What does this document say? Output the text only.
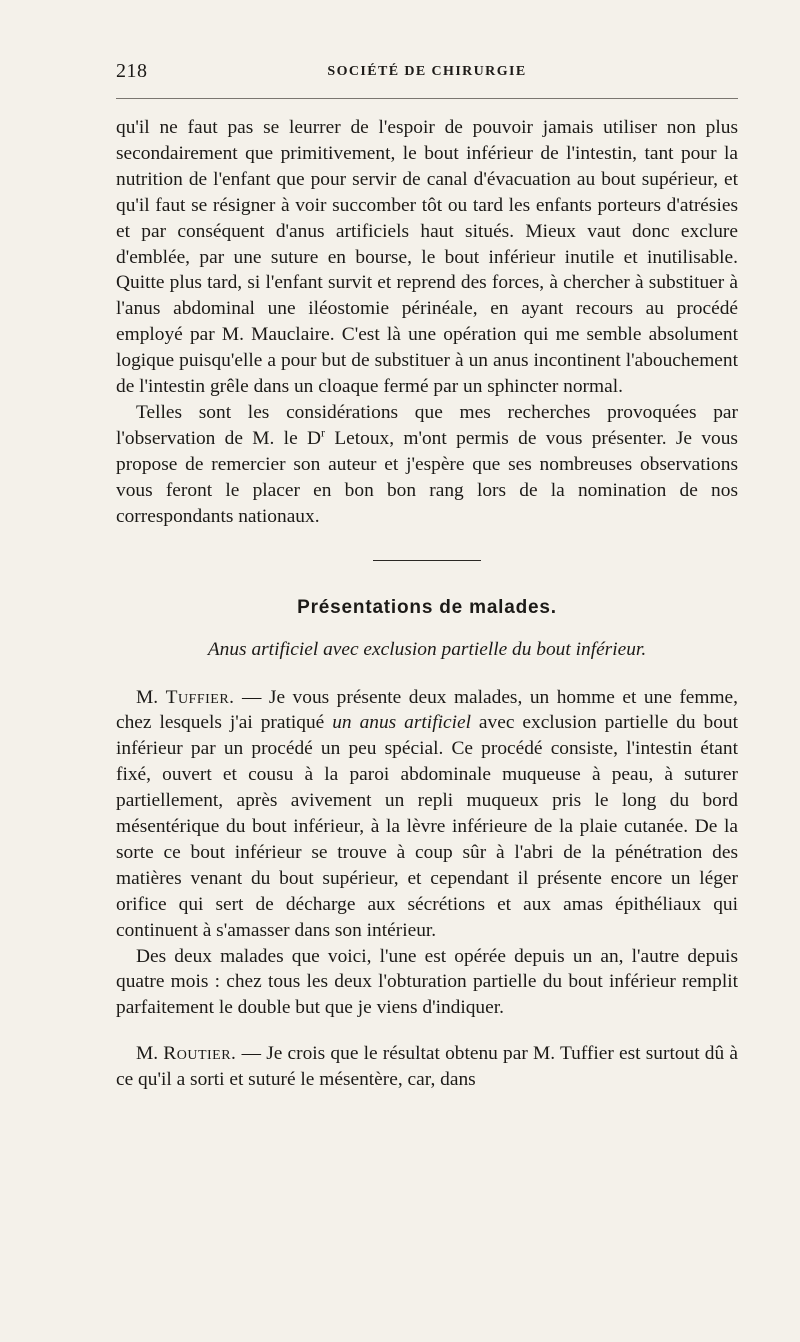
218	SOCIÉTÉ DE CHIRURGIE

qu'il ne faut pas se leurrer de l'espoir de pouvoir jamais utiliser non plus secondairement que primitivement, le bout inférieur de l'intestin, tant pour la nutrition de l'enfant que pour servir de canal d'évacuation au bout supérieur, et qu'il faut se résigner à voir succomber tôt ou tard les enfants porteurs d'atrésies et par conséquent d'anus artificiels haut situés. Mieux vaut donc exclure d'emblée, par une suture en bourse, le bout inférieur inutile et inutilisable. Quitte plus tard, si l'enfant survit et reprend des forces, à chercher à substituer à l'anus abdominal une iléostomie périnéale, en ayant recours au procédé employé par M. Mauclaire. C'est là une opération qui me semble absolument logique puisqu'elle a pour but de substituer à un anus incontinent l'abouchement de l'intestin grêle dans un cloaque fermé par un sphincter normal.

Telles sont les considérations que mes recherches provoquées par l'observation de M. le $D^r$ Letoux, m'ont permis de vous présenter. Je vous propose de remercier son auteur et j'espère que ses nombreuses observations vous feront le placer en bon bon rang lors de la nomination de nos correspondants nationaux.

Présentations de malades.
Anus artificiel avec exclusion partielle du bout inférieur.

M. Tuffier. — Je vous présente deux malades, un homme et une femme, chez lesquels j'ai pratiqué un anus artificiel avec exclusion partielle du bout inférieur par un procédé un peu spécial. Ce procédé consiste, l'intestin étant fixé, ouvert et cousu à la paroi abdominale muqueuse à peau, à suturer partiellement, après avivement un repli muqueux pris le long du bord mésentérique du bout inférieur, à la lèvre inférieure de la plaie cutanée. De la sorte ce bout inférieur se trouve à coup sûr à l'abri de la pénétration des matières venant du bout supérieur, et cependant il présente encore un léger orifice qui sert de décharge aux sécrétions et aux amas épithéliaux qui continuent à s'amasser dans son intérieur.

Des deux malades que voici, l'une est opérée depuis un an, l'autre depuis quatre mois : chez tous les deux l'obturation partielle du bout inférieur remplit parfaitement le double but que je viens d'indiquer.

M. Routier. — Je crois que le résultat obtenu par M. Tuffier est surtout dû à ce qu'il a sorti et suturé le mésentère, car, dans
